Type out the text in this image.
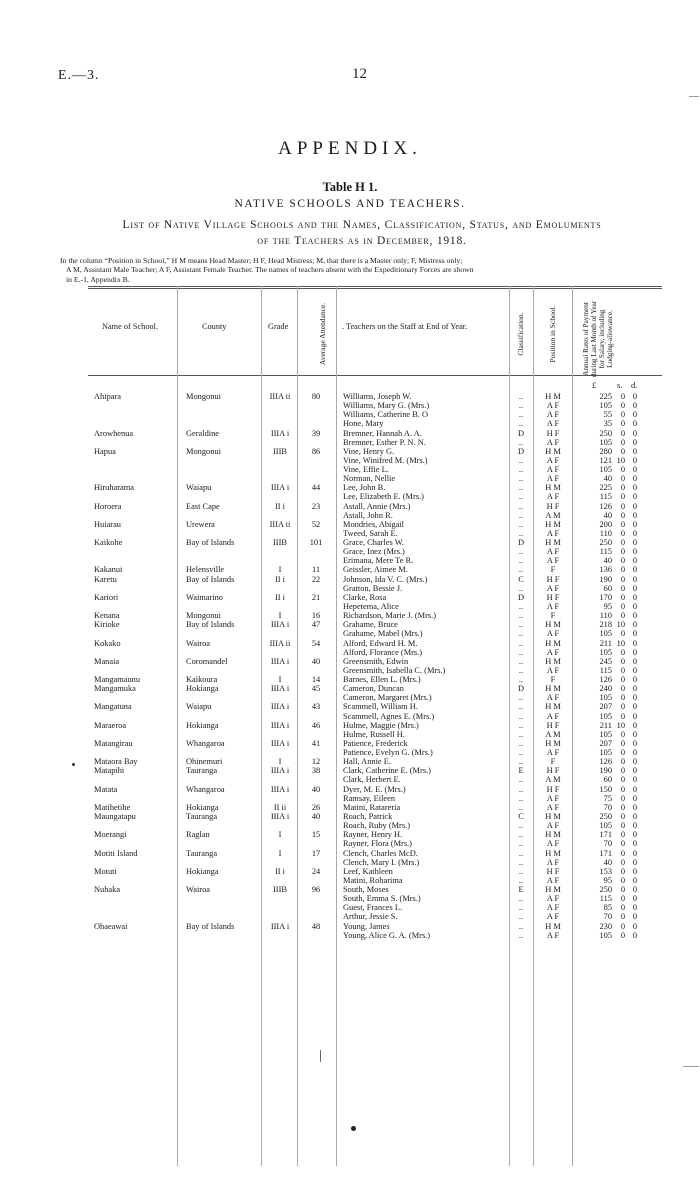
E.—3.	12
APPENDIX.
Table H 1.
NATIVE SCHOOLS AND TEACHERS.
List of Native Village Schools and the Names, Classification, Status, and Emoluments
of the Teachers as in December, 1918.
In the column “Position in School,” H M means Head Master; H F, Head Mistress; M, that there is a Master only; F, Mistress only;
A M, Assistant Male Teacher; A F, Assistant Female Teacher. The names of teachers absent with the Expeditionary Forces are shown
in E.-1, Appendix B.
Name of School.	County	Grade	Average Attendance. . Teachers on the Staff at End of Year.	Classification.	Position in School.	Annual Rates of Payment during Last Month of Year for Salary, including Lodging-allowance.
£ s. d.
Ahipara	Mongonui	IIIA ii	80	Williams, Joseph W.	..	H M	225	0 0
Williams, Mary G. (Mrs.)	..	A F	105	0 0
Williams, Catherine B. O	..	A F	55	0 0
Hone, Mary	..	A F	35	0 0
Arowhenua	Geraldine	IIIA i	39	Bremner, Hannah A. A.	D	H F	250	0 0
Bremner, Esther P. N. N.	..	A F	105	0 0
Hapua	Mongonui	IIIB	86	Vine, Henry G.	D	H M	280	0 0
Vine, Winifred M. (Mrs.)	..	A F	121 10 0
Vine, Effie L.	..	A F	105	0 0
Norman, Nellie	..	A F	40	0 0
Hiruharama	Waiapu	IIIA i	44	Lee, John B.	..	H M	225	0 0
Lee, Elizabeth E. (Mrs.)	..	A F	115	0 0
Horoera	East Cape	II i	23	Astall, Annie (Mrs.)	..	H F	126	0 0
Astall, John R.	..	A M	40	0 0
Huiarau	Urewera	IIIA ii	52	Mondries, Abigail	..	H M	200	0 0
Tweed, Sarah E.	..	A F	110	0 0
Kaikohe	Bay of Islands	IIIB	101	Grace, Charles W.	D	H M	250	0 0
Grace, Inez (Mrs.)	..	A F	115	0 0
Erimana, Mere Te R.	..	A F	40	0 0
Kakanui	Helensville	I	11	Geissler, Aimee M.	..	F	136	0 0
Karetu	Bay of Islands	II i	22	Johnson, Ida V. C. (Mrs.)	C	H F	190	0 0
Gratton, Bessie J.	..	A F	60	0 0
Kariori	Waimarino	II i	21	Clarke, Rosa	D	H F	170	0 0
Hepetema, Alice	..	A F	95	0 0
Kenana	Mongonui	I	16	Richardson, Marie J. (Mrs.)	..	F	110	0 0
Kirioke	Bay of Islands	IIIA i	47	Grahame, Bruce	..	H M	218 10 0
Grahame, Mabel (Mrs.)	..	A F	105	0 0
Kokako	Wairoa	IIIA ii	54	Alford, Edward H. M.	..	H M	211 10 0
Alford, Florance (Mrs.)	..	A F	105	0 0
Manaia	Coromandel	IIIA i	40	Greensmith, Edwin	..	H M	245	0 0
Greensmith, Isabella C. (Mrs.)	..	A F	115	0 0
Mangamaunu	Kaikoura	I	14	Barnes, Ellen L. (Mrs.)	..	F	126	0 0
Mangamuka	Hokianga	IIIA i	45	Cameron, Duncan	D	H M	240	0 0
Cameron, Margaret (Mrs.)	..	A F	105	0 0
Mangatuna	Waiapu	IIIA i	43	Scammell, William H.	..	H M	207	0 0
Scammell, Agnes E. (Mrs.)	..	A F	105	0 0
Maraeroa	Hokianga	IIIA i	46	Hulme, Maggie (Mrs.)	..	H F	211 10 0
Hulme, Russell H.	..	A M	105	0 0
Matangirau	Whangaroa	IIIA i	41	Patience, Frederick	..	H M	207	0 0
Patience, Evelyn G. (Mrs.)	..	A F	105	0 0
Mataora Bay	Ohinemuri	I	12	Hall, Annie E.	..	F	126	0 0
Matapihi	Tauranga	IIIA i	38	Clark, Catherine E. (Mrs.)	E	H F	190	0 0
Clark, Herbert E.	..	A M	60	0 0
Matata	Whangaroa	IIIA i	40	Dyer, M. E. (Mrs.)	..	H F	150	0 0
Ramsay, Eileen	..	A F	75	0 0
Matihetihe	Hokianga	II ii	26	Matini, Ratareria	..	A F	70	0 0
Maungatapu	Tauranga	IIIA i	40	Roach, Patrick	C	H M	250	0 0
Roach, Ruby (Mrs.)	..	A F	105	0 0
Moerangi	Raglan	I	15	Rayner, Henry H.	..	H M	171	0 0
Rayner, Flora (Mrs.)	..	A F	70	0 0
Motiti Island	Tauranga	I	17	Clench, Charles McD.	..	H M	171	0 0
Clench, Mary I. (Mrs.)	..	A F	40	0 0
Motuti	Hokianga	II i	24	Leef, Kathleen	..	H F	153	0 0
Matini, Roharima	..	A F	95	0 0
Nuhaka	Wairoa	IIIB	96	South, Moses	E	H M	250	0 0
South, Emma S. (Mrs.)	..	A F	115	0 0
Guest, Frances L.	..	A F	85	0 0
Arthur, Jessie S.	..	A F	70	0 0
Ohaeawai	Bay of Islands	IIIA i	48	Young, James	..	H M	230	0 0
Young, Alice G. A. (Mrs.)	..	A F	105	0 0
